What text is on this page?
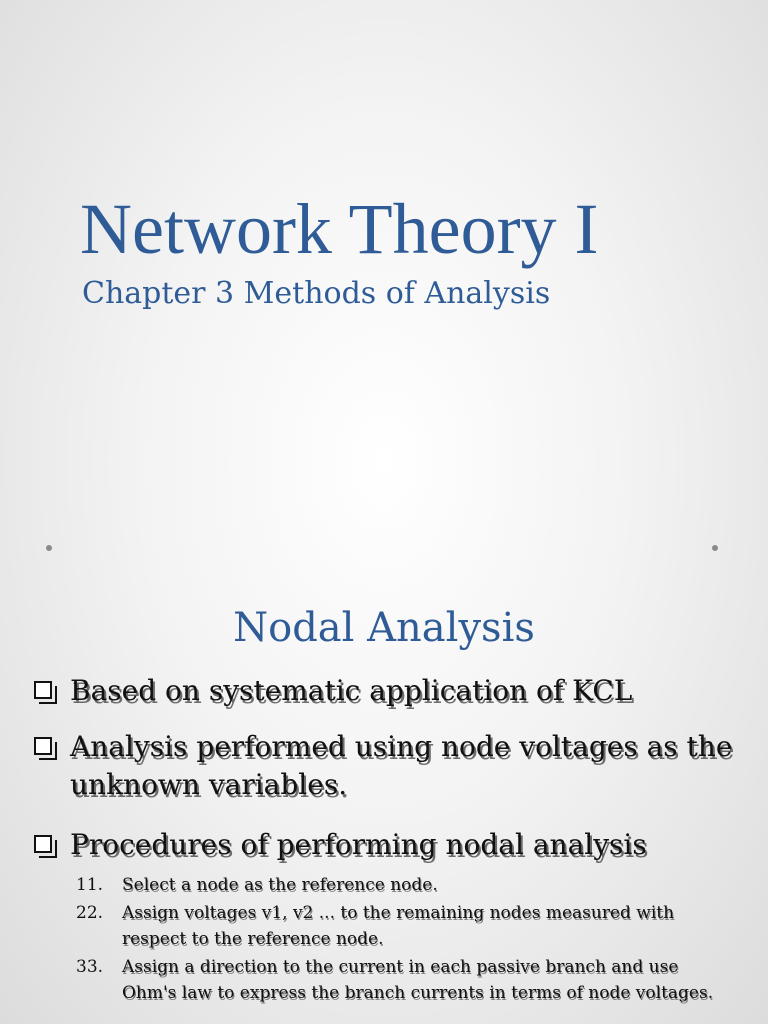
Network Theory I
Chapter 3 Methods of Analysis
Nodal Analysis
Based on systematic application of KCL
Analysis performed using node voltages as the unknown variables.
Procedures of performing nodal analysis
11.	Select a node as the reference node.
22.	Assign voltages v1, v2 ... to the remaining nodes measured with respect to the reference node.
33.	Assign a direction to the current in each passive branch and use Ohm's law to express the branch currents in terms of node voltages.
